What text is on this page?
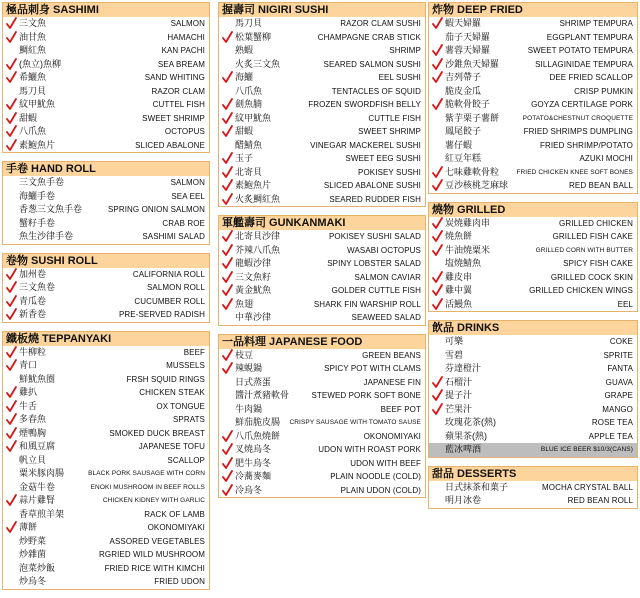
極品刺身 SASHIMI
三文魚	SALMON
油甘魚	HAMACHI
鯛紅魚	KAN PACHI
(魚立)魚柳	SEA BREAM
希鱺魚	SAND WHITING
馬刀貝	RAZOR CLAM
紋甲魷魚	CUTTEL FISH
甜蝦	SWEET SHRIMP
八爪魚	OCTOPUS
素鮑魚片	SLICED ABALONE
手卷 HAND ROLL
三文魚手卷	SALMON
海鱺手卷	SEA EEL
香葱三文魚手卷	SPRING ONION SALMON
蟹籽手卷	CRAB ROE
魚生沙律手卷	SASHIMI SALAD
卷物 SUSHI ROLL
加州卷	CALIFORNIA ROLL
三文魚卷	SALMON ROLL
青瓜卷	CUCUMBER ROLL
新香卷	PRE-SERVED RADISH
鐵板燒 TEPPANYAKI
牛柳粒	BEEF
青口	MUSSELS
鮮魷魚圈	FRSH SQUID RINGS
雞扒	CHICKEN STEAK
牛舌	OX TONGUE
多春魚	SPRATS
煙鴨胸	SMOKED DUCK BREAST
和風豆腐	JAPANESE TOFU
帆立貝	SCALLOP
粟米豚肉腸	BLACK PORK SAUSAGE WITH CORN
金菇牛卷	ENOKI MUSHROOM IN BEEF ROLLS
蒜片雞腎	CHICKEN KIDNEY WITH GARLIC
香草煎羊架	RACK OF LAMB
薄餅	OKONOMIYAKI
炒野菜	ASSORED VEGETABLES
炒雜菌	RGRIED WILD MUSHROOM
泡菜炒飯	FRIED RICE WITH KIMCHI
炒烏冬	FRIED UDON
握壽司 NIGIRI SUSHI
馬刀貝	RAZOR CLAM SUSHI
松葉蟹柳	CHAMPAGNE CRAB STICK
熟蝦	SHRIMP
火炙三文魚	SEARED SALMON SUSHI
海鱺	EEL SUSHI
八爪魚	TENTACLES OF SQUID
劍魚腩	FROZEN SWORDFISH BELLY
紋甲魷魚	CUTTLE FISH
甜蝦	SWEET SHRIMP
醋鯖魚	VINEGAR MACKEREL SUSHI
玉子	SWEET EEG SUSHI
北寄貝	POKISEY SUSHI
素鮑魚片	SLICED ABALONE SUSHI
火炙鯛紅魚	SEARED RUDDER FISH
軍艦壽司 GUNKANMAKI
北寄貝沙律	POKISEY SUSHI SALAD
芥辣八爪魚	WASABI OCTOPUS
龍蝦沙律	SPINY LOBSTER SALAD
三文魚籽	SALMON CAVIAR
黃金魷魚	GOLDER CUTTLE FISH
魚翅	SHARK FIN WARSHIP ROLL
中華沙律	SEAWEED SALAD
一品料理 JAPANESE FOOD
枝豆	GREEN BEANS
辣蜆鍋	SPICY POT WITH CLAMS
日式蒸蛋	JAPANESE FIN
醬汁煮豬軟骨	STEWED PORK SOFT BONE
牛肉鍋	BEEF POT
鮮茄脆皮腸 CRISPY SAUSAGE WITH TOMATO SAUSE
八爪魚燒餅	OKONOMIYAKI
叉燒烏冬	UDON WITH ROAST PORK
肥牛烏冬	UDON WITH BEEF
冷蕎麥麵	PLAIN NOODLE (COLD)
冷烏冬	PLAIN UDON (COLD)
炸物 DEEP FRIED
蝦天婦羅	SHRIMP TEMPURA
茄子天婦羅	EGGPLANT TEMPURA
薯蓉天婦羅	SWEET POTATO TEMPURA
沙錐魚天婦羅	SILLAGINIDAE TEMPURA
吉列帶子	DEE FRIED SCALLOP
脆皮金瓜	CRISP PUMKIN
脆軟骨餃子	GOYZA CERTILAGE PORK
紫芋栗子薯餅	POTATO&CHESTNUT CROQUETTE
鳳尾餃子	FRIED SHRIMPS DUMPLING
薯仔蝦	FRIED SHRIMP/POTATO
紅豆年糕	AZUKI MOCHI
七味雞軟骨粒	FRIED CHICKEN KNEE SOFT BONES
豆沙核桃芝麻球	RED BEAN BALL
燒物 GRILLED
炭燒雞肉串	GRILLED CHICKEN
燒魚餅	GRILLED FISH CAKE
牛油燒粟米	GRILLED CORN WITH BUTTER
塩燒鯖魚	SPICY FISH CAKE
雞皮串	GRILLED COCK SKIN
雞中翼	GRILLED CHICKEN WINGS
活鰻魚	EEL
飲品 DRINKS
可樂	COKE
雪碧	SPRITE
芬達橙汁	FANTA
石榴汁	GUAVA
提子汁	GRAPE
芒果汁	MANGO
玫瑰花茶(熱)	ROSE TEA
蘋果茶(熱)	APPLE TEA
藍冰啤酒	BLUE ICE BEER $10/3(CANS)
甜品 DESSERTS
日式抹茶和菓子	MOCHA CRYSTAL BALL
明月冰卷	RED BEAN ROLL
